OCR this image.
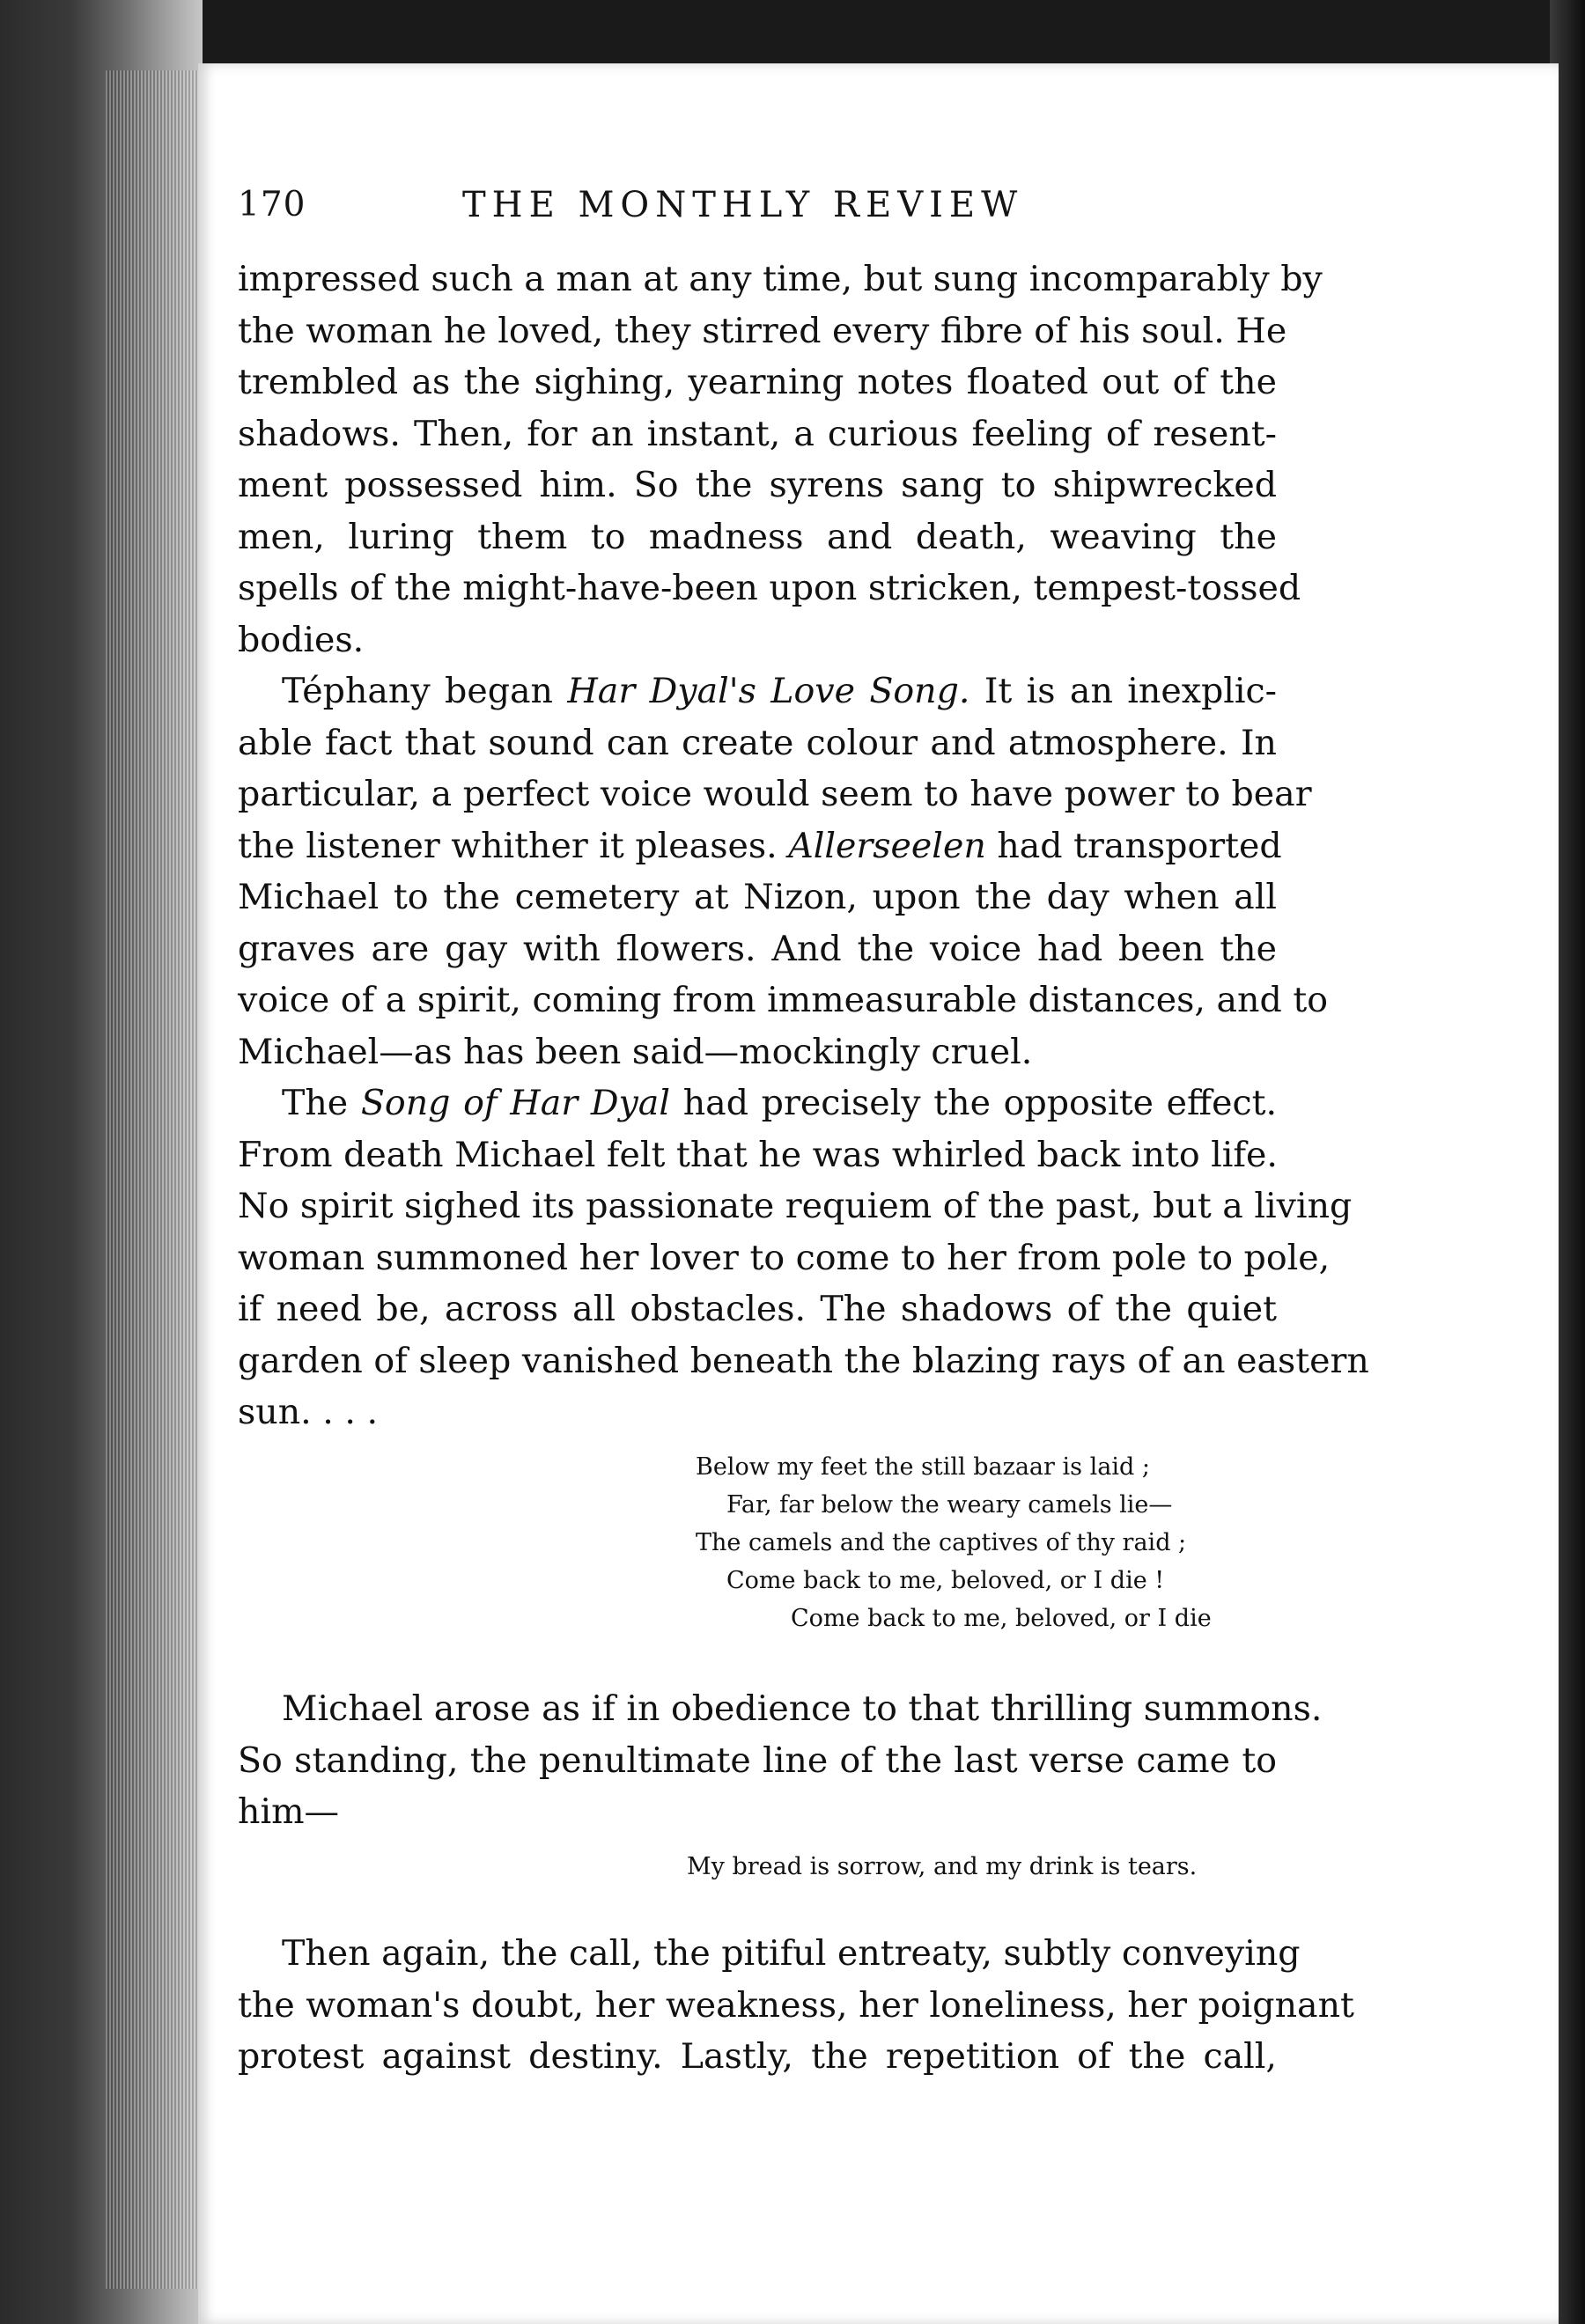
170	THE MONTHLY REVIEW
impressed such a man at any time, but sung incomparably by
the woman he loved, they stirred every fibre of his soul. He
trembled as the sighing, yearning notes floated out of the
shadows. Then, for an instant, a curious feeling of resent-
ment possessed him. So the syrens sang to shipwrecked
men, luring them to madness and death, weaving the
spells of the might-have-been upon stricken, tempest-tossed
bodies.
Téphany began Har Dyal's Love Song. It is an inexplic-
able fact that sound can create colour and atmosphere. In
particular, a perfect voice would seem to have power to bear
the listener whither it pleases. Allerseelen had transported
Michael to the cemetery at Nizon, upon the day when all
graves are gay with flowers. And the voice had been the
voice of a spirit, coming from immeasurable distances, and to
Michael—as has been said—mockingly cruel.
The Song of Har Dyal had precisely the opposite effect.
From death Michael felt that he was whirled back into life.
No spirit sighed its passionate requiem of the past, but a living
woman summoned her lover to come to her from pole to pole,
if need be, across all obstacles. The shadows of the quiet
garden of sleep vanished beneath the blazing rays of an eastern
sun. . . .
Below my feet the still bazaar is laid ;
Far, far below the weary camels lie—
The camels and the captives of thy raid ;
Come back to me, beloved, or I die !
Come back to me, beloved, or I die
Michael arose as if in obedience to that thrilling summons.
So standing, the penultimate line of the last verse came to
him—
My bread is sorrow, and my drink is tears.
Then again, the call, the pitiful entreaty, subtly conveying
the woman's doubt, her weakness, her loneliness, her poignant
protest against destiny. Lastly, the repetition of the call,
